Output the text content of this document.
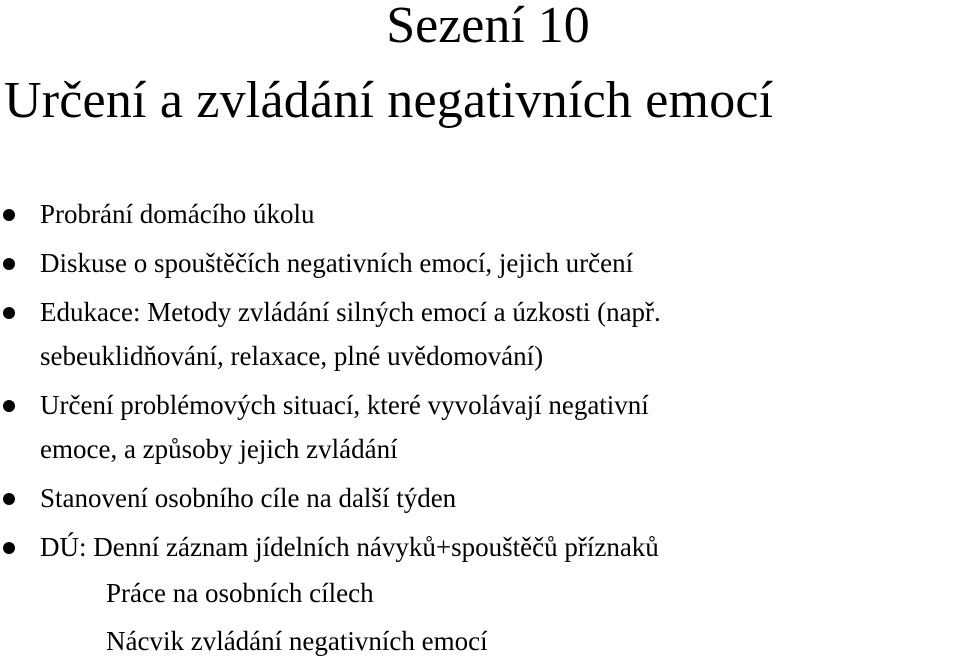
Sezení 10
Určení a zvládání negativních emocí
Probrání domácího úkolu
Diskuse o spouštěčích negativních emocí, jejich určení
Edukace: Metody zvládání silných emocí a úzkosti (např.
sebeuklidňování, relaxace, plné uvědomování)
Určení problémových situací, které vyvolávají negativní
emoce, a způsoby jejich zvládání
Stanovení osobního cíle na další týden
DÚ: Denní záznam jídelních návyků+spouštěčů příznaků
Práce na osobních cílech
Nácvik zvládání negativních emocí
